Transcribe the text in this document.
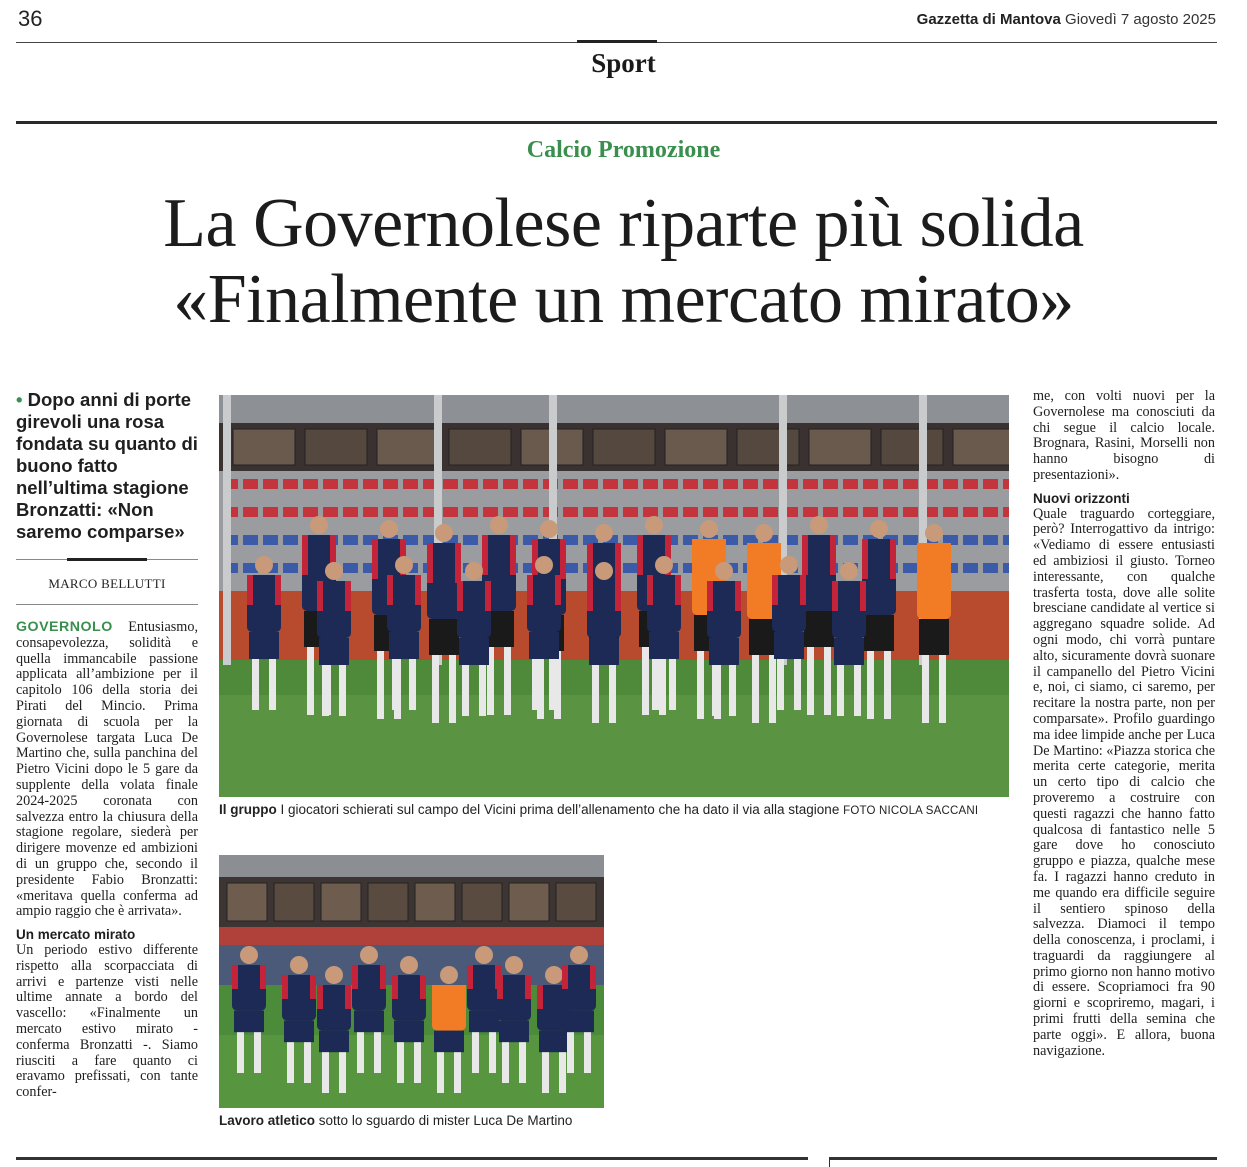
36	Gazzetta di Mantova Giovedì 7 agosto 2025
Sport
Calcio Promozione
La Governolese riparte più solida
«Finalmente un mercato mirato»
• Dopo anni di porte girevoli una rosa fondata su quanto di buono fatto nell’ultima stagione Bronzatti: «Non saremo comparse»
MARCO BELLUTTI

GOVERNOLO Entusiasmo, consapevolezza, solidità e quella immancabile passione applicata all’ambizione per il capitolo 106 della storia dei Pirati del Mincio. Prima giornata di scuola per la Governolese targata Luca De Martino che, sulla panchina del Pietro Vicini dopo le 5 gare da supplente della volata finale 2024-2025 coronata con salvezza entro la chiusura della stagione regolare, siederà per dirigere movenze ed ambizioni di un gruppo che, secondo il presidente Fabio Bronzatti: «meritava quella conferma ad ampio raggio che è arrivata».

Un mercato mirato

Un periodo estivo differente rispetto alla scorpacciata di arrivi e partenze visti nelle ultime annate a bordo del vascello: «Finalmente un mercato estivo mirato - conferma Bronzatti -. Siamo riusciti a fare quanto ci eravamo prefissati, con tante confer-

Il gruppo I giocatori schierati sul campo del Vicini prima dell’allenamento che ha dato il via alla stagione FOTO NICOLA SACCANI
Lavoro atletico sotto lo sguardo di mister Luca De Martino

me, con volti nuovi per la Governolese ma conosciuti da chi segue il calcio locale. Brognara, Rasini, Morselli non hanno bisogno di presentazioni».

Nuovi orizzonti

Quale traguardo corteggiare, però? Interrogattivo da intrigo: «Vediamo di essere entusiasti ed ambiziosi il giusto. Torneo interessante, con qualche trasferta tosta, dove alle solite bresciane candidate al vertice si aggregano squadre solide. Ad ogni modo, chi vorrà puntare alto, sicuramente dovrà suonare il campanello del Pietro Vicini e, noi, ci siamo, ci saremo, per recitare la nostra parte, non per comparsate». Profilo guardingo ma idee limpide anche per Luca De Martino: «Piazza storica che merita certe categorie, merita un certo tipo di calcio che proveremo a costruire con questi ragazzi che hanno fatto qualcosa di fantastico nelle 5 gare dove ho conosciuto gruppo e piazza, qualche mese fa. I ragazzi hanno creduto in me quando era difficile seguire il sentiero spinoso della salvezza. Diamoci il tempo della conoscenza, i proclami, i traguardi da raggiungere al primo giorno non hanno motivo di essere. Scopriamoci fra 90 giorni e scopriremo, magari, i primi frutti della semina che parte oggi». E allora, buona navigazione.
